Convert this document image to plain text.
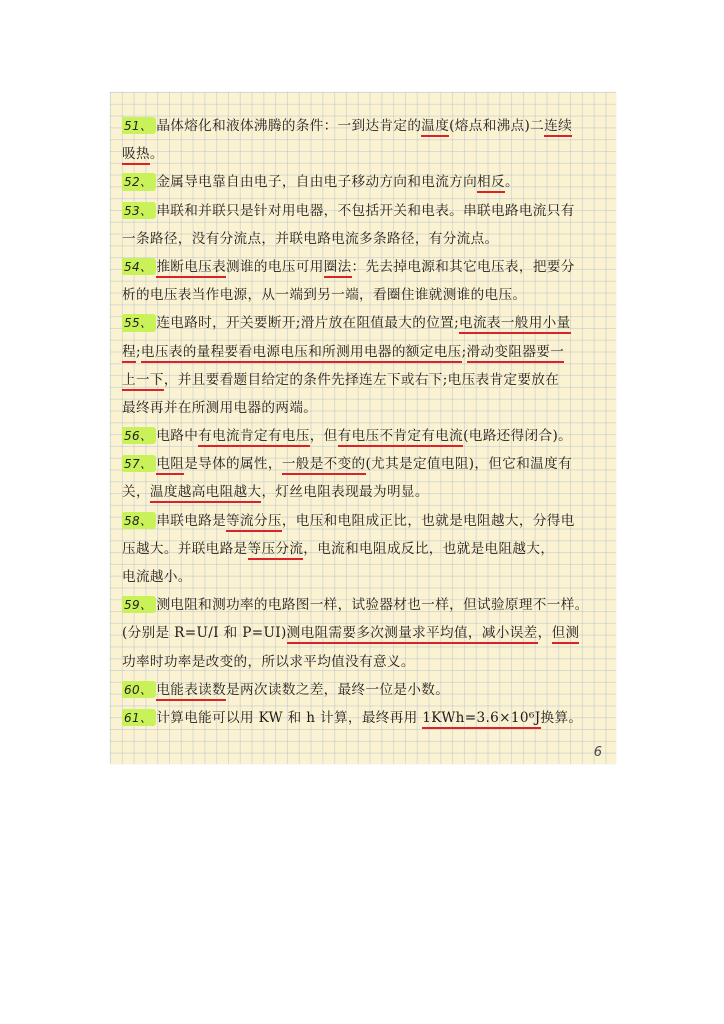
51、 晶体熔化和液体沸腾的条件：一到达肯定的温度(熔点和沸点)二连续
吸热。
52、 金属导电靠自由电子，自由电子移动方向和电流方向相反。
53、 串联和并联只是针对用电器，不包括开关和电表。串联电路电流只有
一条路径，没有分流点，并联电路电流多条路径，有分流点。
54、 推断电压表测谁的电压可用圈法：先去掉电源和其它电压表，把要分
析的电压表当作电源，从一端到另一端，看圈住谁就测谁的电压。
55、 连电路时，开关要断开;滑片放在阻值最大的位置;电流表一般用小量
程;电压表的量程要看电源电压和所测用电器的额定电压;滑动变阻器要一
上一下，并且要看题目给定的条件先择连左下或右下;电压表肯定要放在
最终再并在所测用电器的两端。
56、 电路中有电流肯定有电压，但有电压不肯定有电流(电路还得闭合)。
57、 电阻是导体的属性，一般是不变的(尤其是定值电阻)，但它和温度有
关，温度越高电阻越大，灯丝电阻表现最为明显。
58、 串联电路是等流分压，电压和电阻成正比，也就是电阻越大，分得电
压越大。并联电路是等压分流，电流和电阻成反比，也就是电阻越大，
电流越小。
59、 测电阻和测功率的电路图一样，试验器材也一样，但试验原理不一样。
(分别是 R=U/I 和 P=UI)测电阻需要多次测量求平均值，减小误差，但测
功率时功率是改变的，所以求平均值没有意义。
60、 电能表读数是两次读数之差，最终一位是小数。
61、 计算电能可以用 KW 和 h 计算，最终再用 1KWh=3.6×10⁶J换算。
6
